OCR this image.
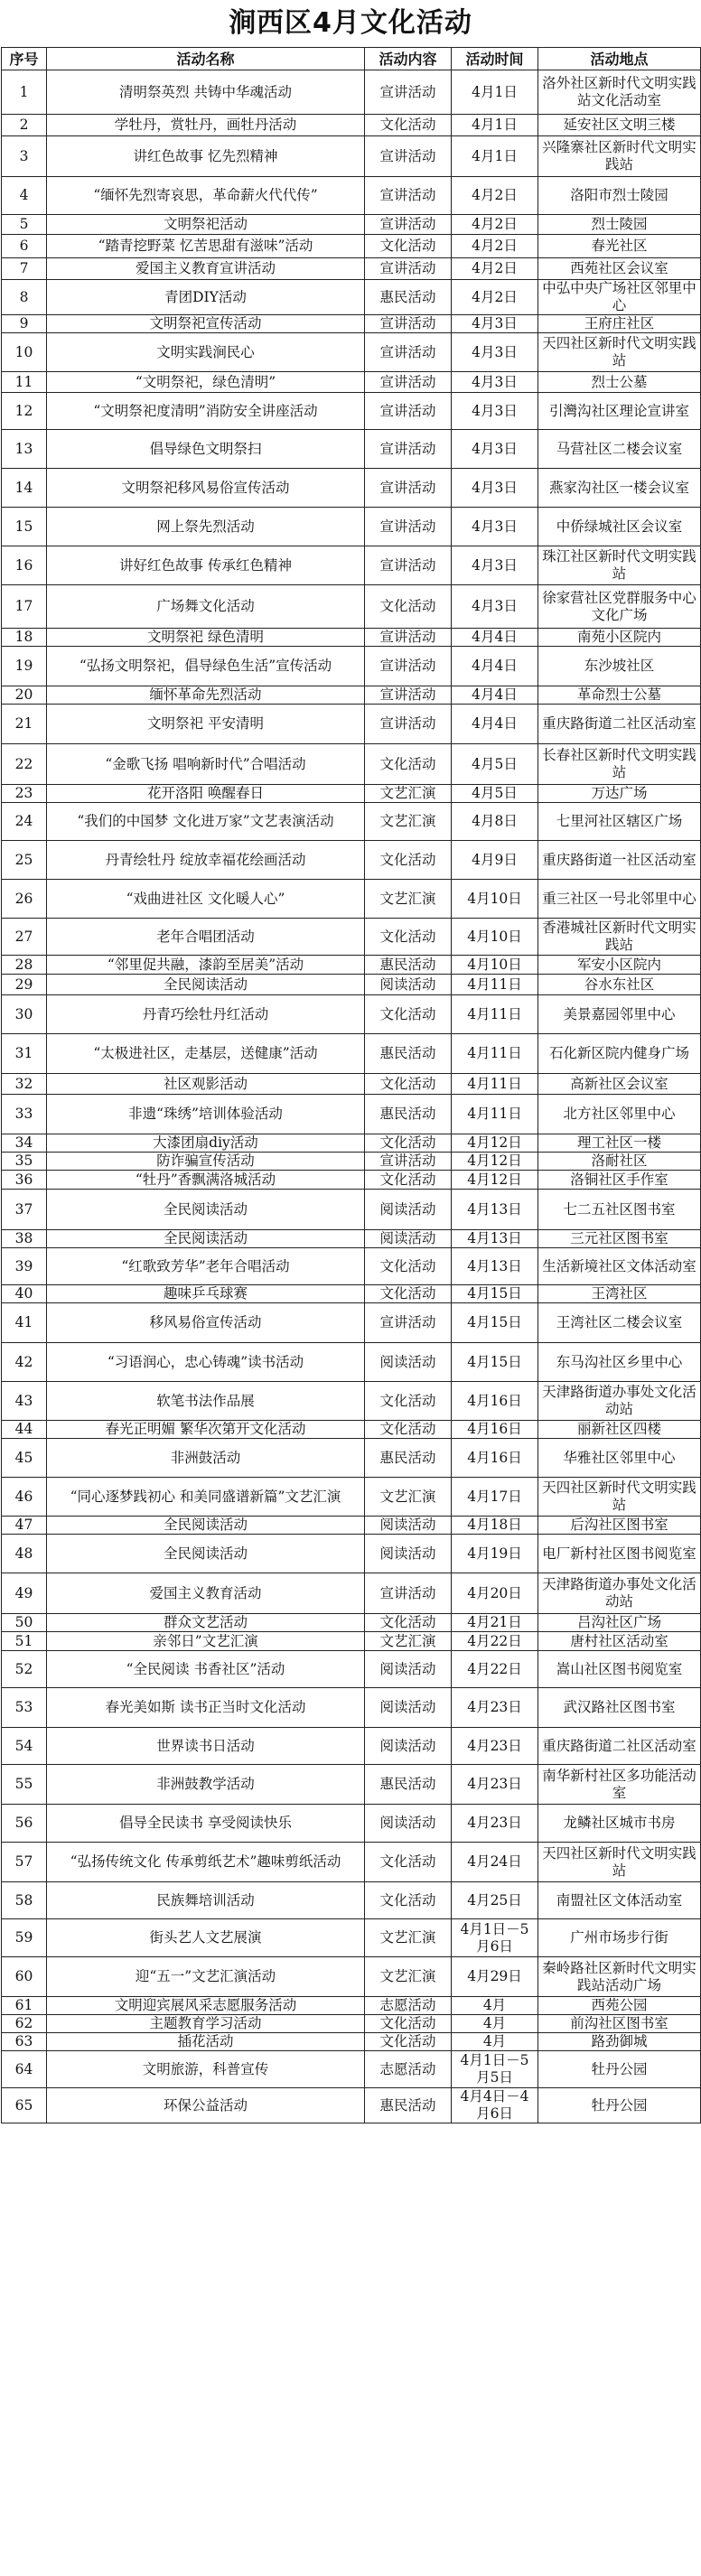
涧西区4月文化活动
序号	活动名称	活动内容	活动时间	活动地点
1	清明祭英烈 共铸中华魂活动	宣讲活动	4月1日	洛外社区新时代文明实践站文化活动室
2	学牡丹，赏牡丹，画牡丹活动	文化活动	4月1日	延安社区文明三楼
3	讲红色故事 忆先烈精神	宣讲活动	4月1日	兴隆寨社区新时代文明实践站
4	“缅怀先烈寄哀思，革命薪火代代传”	宣讲活动	4月2日	洛阳市烈士陵园
5	文明祭祀活动	宣讲活动	4月2日	烈士陵园
6	“踏青挖野菜 忆苦思甜有滋味”活动	文化活动	4月2日	春光社区
7	爱国主义教育宣讲活动	宣讲活动	4月2日	西苑社区会议室
8	青团DIY活动	惠民活动	4月2日	中弘中央广场社区邻里中心
9	文明祭祀宣传活动	宣讲活动	4月3日	王府庄社区
10	文明实践涧民心	宣讲活动	4月3日	天四社区新时代文明实践站
11	“文明祭祀，绿色清明”	宣讲活动	4月3日	烈士公墓
12	“文明祭祀度清明”消防安全讲座活动	宣讲活动	4月3日	引灣沟社区理论宣讲室
13	倡导绿色文明祭扫	宣讲活动	4月3日	马营社区二楼会议室
14	文明祭祀移风易俗宣传活动	宣讲活动	4月3日	燕家沟社区一楼会议室
15	网上祭先烈活动	宣讲活动	4月3日	中侨绿城社区会议室
16	讲好红色故事 传承红色精神	宣讲活动	4月3日	珠江社区新时代文明实践站
17	广场舞文化活动	文化活动	4月3日	徐家营社区党群服务中心文化广场
18	文明祭祀 绿色清明	宣讲活动	4月4日	南苑小区院内
19	“弘扬文明祭祀，倡导绿色生活”宣传活动	宣讲活动	4月4日	东沙坡社区
20	缅怀革命先烈活动	宣讲活动	4月4日	革命烈士公墓
21	文明祭祀 平安清明	宣讲活动	4月4日	重庆路街道二社区活动室
22	“金歌飞扬 唱响新时代”合唱活动	文化活动	4月5日	长春社区新时代文明实践站
23	花开洛阳 唤醒春日	文艺汇演	4月5日	万达广场
24	“我们的中国梦 文化进万家”文艺表演活动	文艺汇演	4月8日	七里河社区辖区广场
25	丹青绘牡丹 绽放幸福花绘画活动	文化活动	4月9日	重庆路街道一社区活动室
26	“戏曲进社区 文化暖人心”	文艺汇演	4月10日	重三社区一号北邻里中心
27	老年合唱团活动	文化活动	4月10日	香港城社区新时代文明实践站
28	“邻里促共融，漆韵至居美”活动	惠民活动	4月10日	军安小区院内
29	全民阅读活动	阅读活动	4月11日	谷水东社区
30	丹青巧绘牡丹红活动	文化活动	4月11日	美景嘉园邻里中心
31	“太极进社区，走基层，送健康”活动	惠民活动	4月11日	石化新区院内健身广场
32	社区观影活动	文化活动	4月11日	高新社区会议室
33	非遗“珠绣”培训体验活动	惠民活动	4月11日	北方社区邻里中心
34	大漆团扇diy活动	文化活动	4月12日	理工社区一楼
35	防诈骗宣传活动	宣讲活动	4月12日	洛耐社区
36	“牡丹”香飘满洛城活动	文化活动	4月12日	洛铜社区手作室
37	全民阅读活动	阅读活动	4月13日	七二五社区图书室
38	全民阅读活动	阅读活动	4月13日	三元社区图书室
39	“红歌致芳华”老年合唱活动	文化活动	4月13日	生活新境社区文体活动室
40	趣味乒乓球赛	文化活动	4月15日	王湾社区
41	移风易俗宣传活动	宣讲活动	4月15日	王湾社区二楼会议室
42	“习语润心，忠心铸魂”读书活动	阅读活动	4月15日	东马沟社区乡里中心
43	软笔书法作品展	文化活动	4月16日	天津路街道办事处文化活动站
44	春光正明媚 繁华次第开文化活动	文化活动	4月16日	丽新社区四楼
45	非洲鼓活动	惠民活动	4月16日	华雅社区邻里中心
46	“同心逐梦践初心 和美同盛谱新篇”文艺汇演	文艺汇演	4月17日	天四社区新时代文明实践站
47	全民阅读活动	阅读活动	4月18日	后沟社区图书室
48	全民阅读活动	阅读活动	4月19日	电厂新村社区图书阅览室
49	爱国主义教育活动	宣讲活动	4月20日	天津路街道办事处文化活动站
50	群众文艺活动	文化活动	4月21日	吕沟社区广场
51	亲邻日”文艺汇演	文艺汇演	4月22日	唐村社区活动室
52	“全民阅读 书香社区”活动	阅读活动	4月22日	嵩山社区图书阅览室
53	春光美如斯 读书正当时文化活动	阅读活动	4月23日	武汉路社区图书室
54	世界读书日活动	阅读活动	4月23日	重庆路街道二社区活动室
55	非洲鼓教学活动	惠民活动	4月23日	南华新村社区多功能活动室
56	倡导全民读书 享受阅读快乐	阅读活动	4月23日	龙鳞社区城市书房
57	“弘扬传统文化 传承剪纸艺术”趣味剪纸活动	文化活动	4月24日	天四社区新时代文明实践站
58	民族舞培训活动	文化活动	4月25日	南盟社区文体活动室
59	街头艺人文艺展演	文艺汇演	4月1日－5月6日	广州市场步行街
60	迎“五一”文艺汇演活动	文艺汇演	4月29日	秦岭路社区新时代文明实践站活动广场
61	文明迎宾展风采志愿服务活动	志愿活动	4月	西苑公园
62	主题教育学习活动	文化活动	4月	前沟社区图书室
63	插花活动	文化活动	4月	路劲御城
64	文明旅游，科普宣传	志愿活动	4月1日－5月5日	牡丹公园
65	环保公益活动	惠民活动	4月4日－4月6日	牡丹公园
